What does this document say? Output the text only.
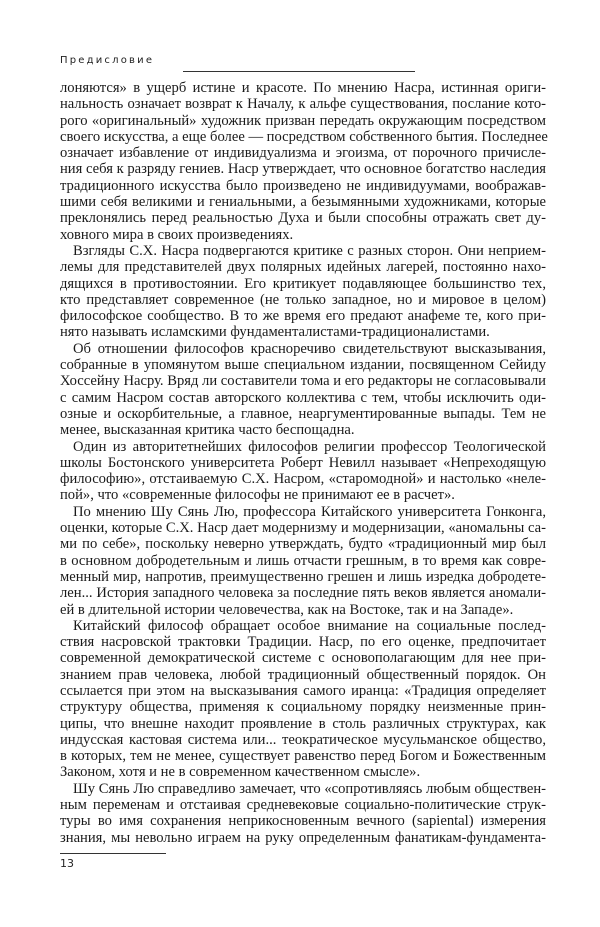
Предисловие
лоняются» в ущерб истине и красоте. По мнению Насра, истинная ориги-
нальность означает возврат к Началу, к альфе существования, послание кото-
рого «оригинальный» художник призван передать окружающим посредством
своего искусства, а еще более — посредством собственного бытия. Последнее
означает избавление от индивидуализма и эгоизма, от порочного причисле-
ния себя к разряду гениев. Наср утверждает, что основное богатство наследия
традиционного искусства было произведено не индивидуумами, воображав-
шими себя великими и гениальными, а безымянными художниками, которые
преклонялись перед реальностью Духа и были способны отражать свет ду-
ховного мира в своих произведениях.
Взгляды С.Х. Насра подвергаются критике с разных сторон. Они неприем-
лемы для представителей двух полярных идейных лагерей, постоянно нахо-
дящихся в противостоянии. Его критикует подавляющее большинство тех,
кто представляет современное (не только западное, но и мировое в целом)
философское сообщество. В то же время его предают анафеме те, кого при-
нято называть исламскими фундаменталистами-традиционалистами.
Об отношении философов красноречиво свидетельствуют высказывания,
собранные в упомянутом выше специальном издании, посвященном Сейиду
Хоссейну Насру. Вряд ли составители тома и его редакторы не согласовывали
с самим Насром состав авторского коллектива с тем, чтобы исключить оди-
озные и оскорбительные, а главное, неаргументированные выпады. Тем не
менее, высказанная критика часто беспощадна.
Один из авторитетнейших философов религии профессор Теологической
школы Бостонского университета Роберт Невилл называет «Непреходящую
философию», отстаиваемую С.Х. Насром, «старомодной» и настолько «неле-
пой», что «современные философы не принимают ее в расчет».
По мнению Шу Сянь Лю, профессора Китайского университета Гонконга,
оценки, которые С.Х. Наср дает модернизму и модернизации, «аномальны са-
ми по себе», поскольку неверно утверждать, будто «традиционный мир был
в основном добродетельным и лишь отчасти грешным, в то время как совре-
менный мир, напротив, преимущественно грешен и лишь изредка добродете-
лен... История западного человека за последние пять веков является аномали-
ей в длительной истории человечества, как на Востоке, так и на Западе».
Китайский философ обращает особое внимание на социальные послед-
ствия насровской трактовки Традиции. Наср, по его оценке, предпочитает
современной демократической системе с основополагающим для нее при-
знанием прав человека, любой традиционный общественный порядок. Он
ссылается при этом на высказывания самого иранца: «Традиция определяет
структуру общества, применяя к социальному порядку неизменные прин-
ципы, что внешне находит проявление в столь различных структурах, как
индусская кастовая система или... теократическое мусульманское общество,
в которых, тем не менее, существует равенство перед Богом и Божественным
Законом, хотя и не в современном качественном смысле».
Шу Сянь Лю справедливо замечает, что «сопротивляясь любым обществен-
ным переменам и отстаивая средневековые социально-политические струк-
туры во имя сохранения неприкосновенным вечного (sapiental) измерения
знания, мы невольно играем на руку определенным фанатикам-фундамента-
13
